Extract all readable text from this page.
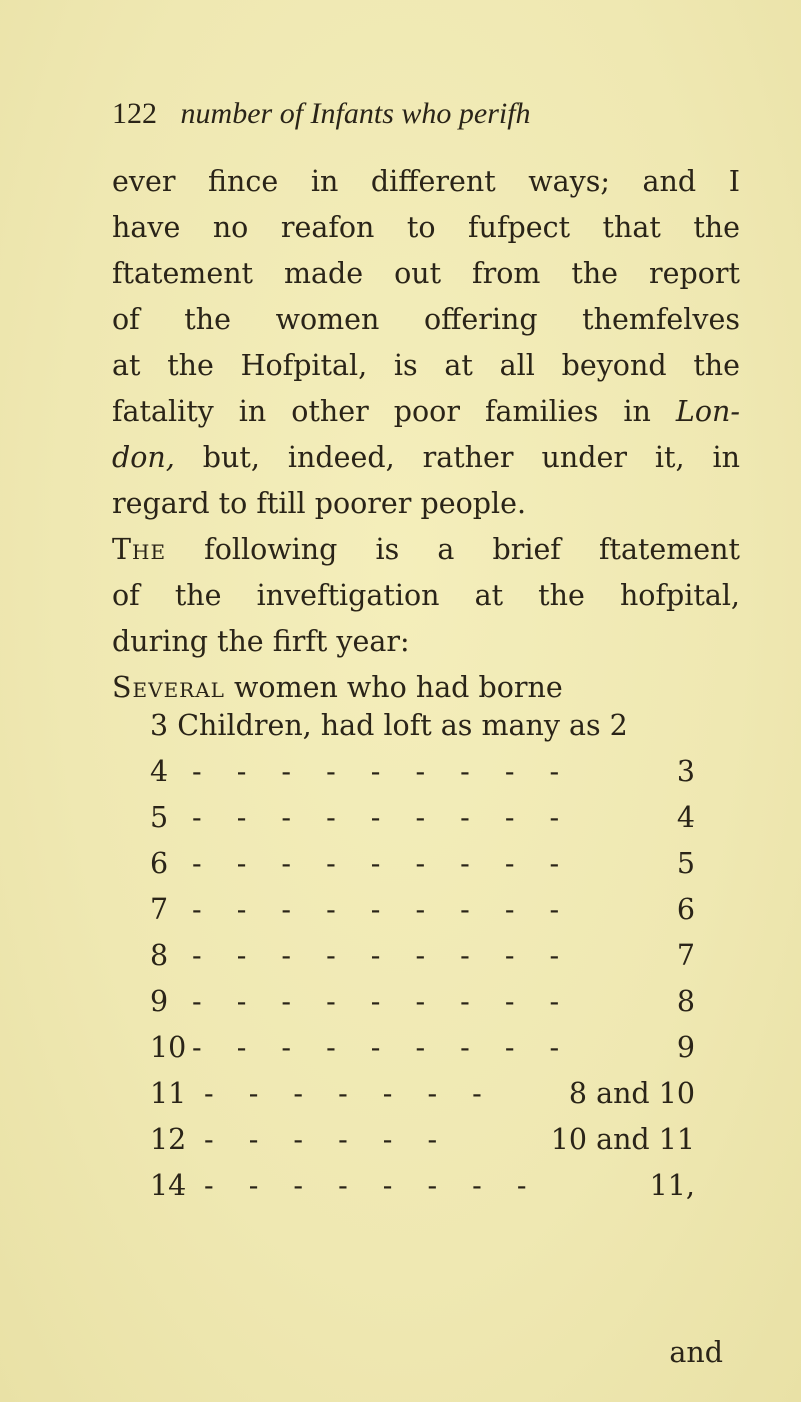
122 number of Infants who perifh
ever fince in different ways; and I
have no reafon to fufpect that the
ftatement made out from the report
of the women offering themfelves
at the Hofpital, is at all beyond the
fatality in other poor families in Lon-
don, but, indeed, rather under it, in
regard to ftill poorer people.
The following is a brief ftatement
of the inveftigation at the hofpital,
during the firft year:
Several women who had borne
3 Children, had loft as many as 2
4 - - - - - - - - -	3
5 - - - - - - - - -	4
6 - - - - - - - - -	5
7 - - - - - - - - -	6
8 - - - - - - - - -	7
9 - - - - - - - - -	8
10 - - - - - - - - -	9
11 - - - - - - -	8 and 10
12 - - - - - -	10 and 11
14 - - - - - - - -	11,
and
